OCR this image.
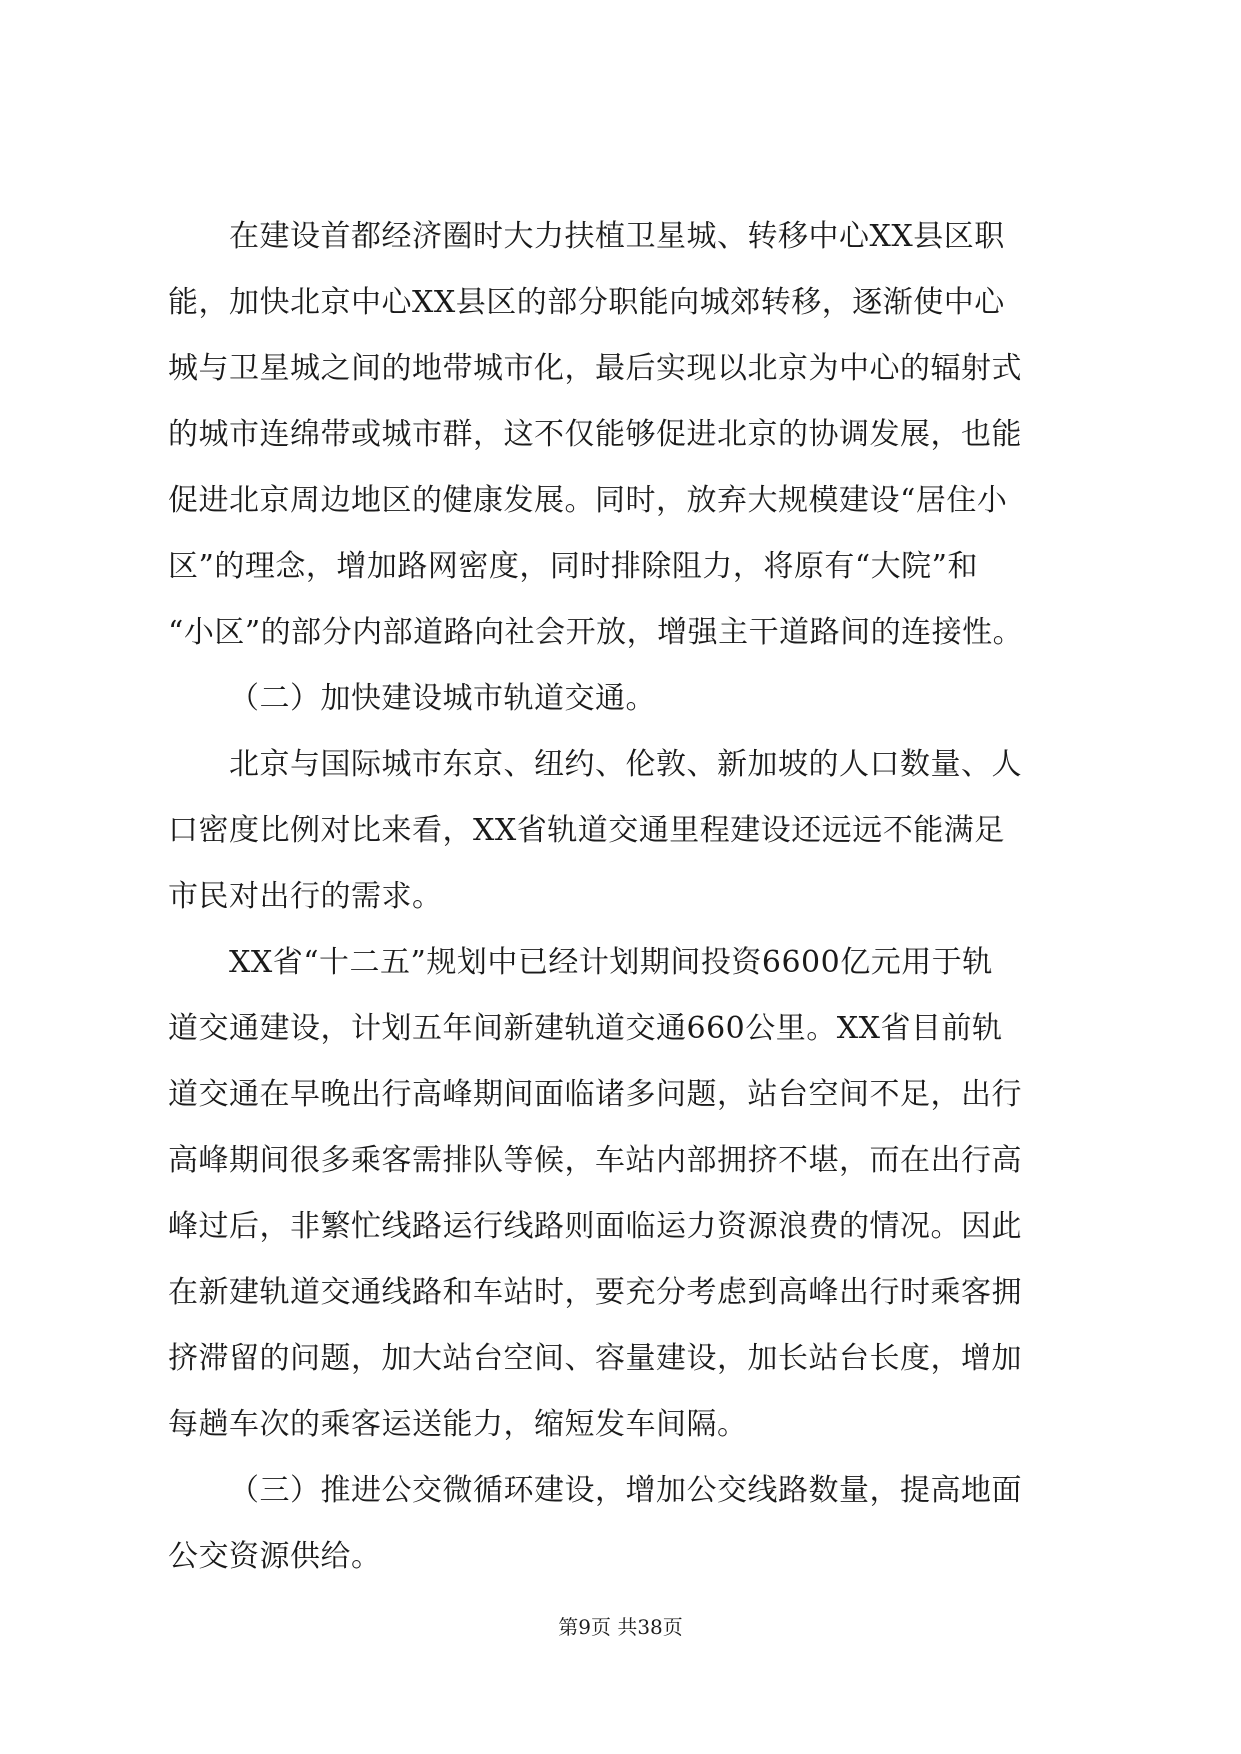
在建设首都经济圈时大力扶植卫星城、转移中心XX县区职
能，加快北京中心XX县区的部分职能向城郊转移，逐渐使中心
城与卫星城之间的地带城市化，最后实现以北京为中心的辐射式
的城市连绵带或城市群，这不仅能够促进北京的协调发展，也能
促进北京周边地区的健康发展。同时，放弃大规模建设“居住小
区”的理念，增加路网密度，同时排除阻力，将原有“大院”和
“小区”的部分内部道路向社会开放，增强主干道路间的连接性。
（二）加快建设城市轨道交通。
北京与国际城市东京、纽约、伦敦、新加坡的人口数量、人
口密度比例对比来看，XX省轨道交通里程建设还远远不能满足
市民对出行的需求。
XX省“十二五”规划中已经计划期间投资6600亿元用于轨
道交通建设，计划五年间新建轨道交通660公里。XX省目前轨
道交通在早晚出行高峰期间面临诸多问题，站台空间不足，出行
高峰期间很多乘客需排队等候，车站内部拥挤不堪，而在出行高
峰过后，非繁忙线路运行线路则面临运力资源浪费的情况。因此
在新建轨道交通线路和车站时，要充分考虑到高峰出行时乘客拥
挤滞留的问题，加大站台空间、容量建设，加长站台长度，增加
每趟车次的乘客运送能力，缩短发车间隔。
（三）推进公交微循环建设，增加公交线路数量，提高地面
公交资源供给。
第9页 共38页
